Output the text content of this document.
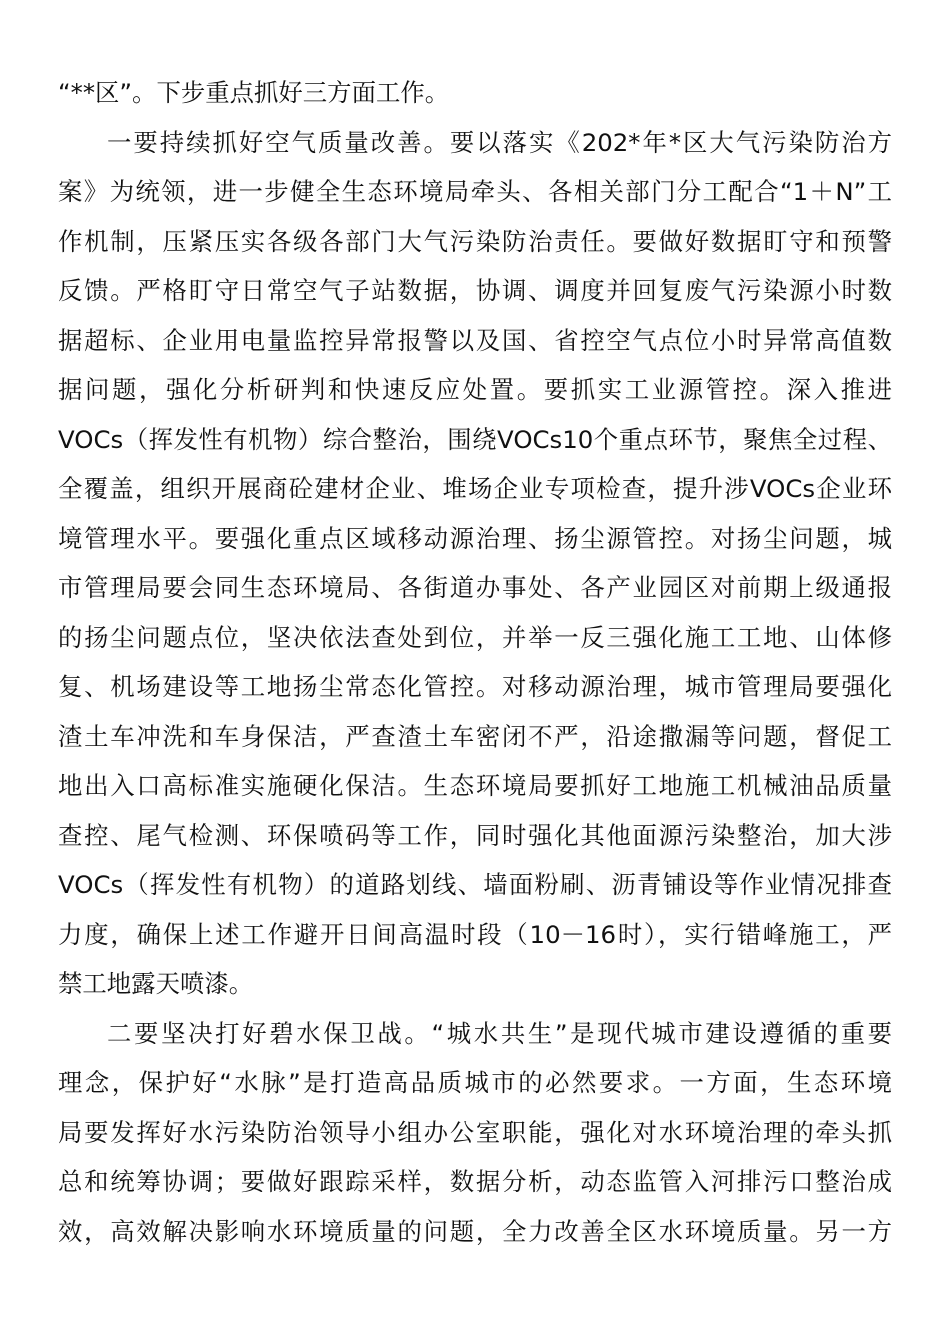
“**区”。下步重点抓好三方面工作。
一要持续抓好空气质量改善。要以落实《202*年*区大气污染防治方
案》为统领，进一步健全生态环境局牵头、各相关部门分工配合“1＋N”工
作机制，压紧压实各级各部门大气污染防治责任。要做好数据盯守和预警
反馈。严格盯守日常空气子站数据，协调、调度并回复废气污染源小时数
据超标、企业用电量监控异常报警以及国、省控空气点位小时异常高值数
据问题，强化分析研判和快速反应处置。要抓实工业源管控。深入推进
VOCs（挥发性有机物）综合整治，围绕VOCs10个重点环节，聚焦全过程、
全覆盖，组织开展商砼建材企业、堆场企业专项检查，提升涉VOCs企业环
境管理水平。要强化重点区域移动源治理、扬尘源管控。对扬尘问题，城
市管理局要会同生态环境局、各街道办事处、各产业园区对前期上级通报
的扬尘问题点位，坚决依法查处到位，并举一反三强化施工工地、山体修
复、机场建设等工地扬尘常态化管控。对移动源治理，城市管理局要强化
渣土车冲洗和车身保洁，严查渣土车密闭不严，沿途撒漏等问题，督促工
地出入口高标准实施硬化保洁。生态环境局要抓好工地施工机械油品质量
查控、尾气检测、环保喷码等工作，同时强化其他面源污染整治，加大涉
VOCs（挥发性有机物）的道路划线、墙面粉刷、沥青铺设等作业情况排查
力度，确保上述工作避开日间高温时段（10－16时），实行错峰施工，严
禁工地露天喷漆。
二要坚决打好碧水保卫战。“城水共生”是现代城市建设遵循的重要
理念，保护好“水脉”是打造高品质城市的必然要求。一方面，生态环境
局要发挥好水污染防治领导小组办公室职能，强化对水环境治理的牵头抓
总和统筹协调；要做好跟踪采样，数据分析，动态监管入河排污口整治成
效，高效解决影响水环境质量的问题，全力改善全区水环境质量。另一方
